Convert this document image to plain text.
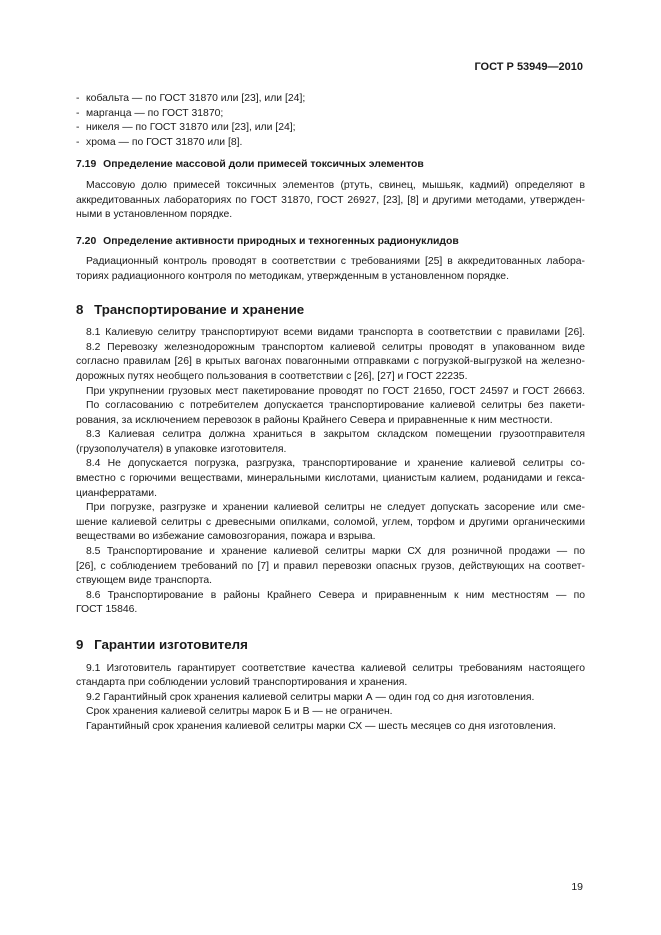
ГОСТ Р 53949—2010
- кобальта — по ГОСТ 31870 или [23], или [24];
- марганца — по ГОСТ 31870;
- никеля — по ГОСТ 31870 или [23], или [24];
- хрома — по ГОСТ 31870 или [8].
7.19 Определение массовой доли примесей токсичных элементов
Массовую долю примесей токсичных элементов (ртуть, свинец, мышьяк, кадмий) определяют в
аккредитованных лабораториях по ГОСТ 31870, ГОСТ 26927, [23], [8] и другими методами, утвержден-
ными в установленном порядке.
7.20 Определение активности природных и техногенных радионуклидов
Радиационный контроль проводят в соответствии с требованиями [25] в аккредитованных лабора-
ториях радиационного контроля по методикам, утвержденным в установленном порядке.
8 Транспортирование и хранение
8.1 Калиевую селитру транспортируют всеми видами транспорта в соответствии с правилами [26].
8.2 Перевозку железнодорожным транспортом калиевой селитры проводят в упакованном виде
согласно правилам [26] в крытых вагонах повагонными отправками с погрузкой-выгрузкой на железно-
дорожных путях необщего пользования в соответствии с [26], [27] и ГОСТ 22235.
При укрупнении грузовых мест пакетирование проводят по ГОСТ 21650, ГОСТ 24597 и ГОСТ 26663.
По согласованию с потребителем допускается транспортирование калиевой селитры без пакети-
рования, за исключением перевозок в районы Крайнего Севера и приравненные к ним местности.
8.3 Калиевая селитра должна храниться в закрытом складском помещении грузоотправителя
(грузополучателя) в упаковке изготовителя.
8.4 Не допускается погрузка, разгрузка, транспортирование и хранение калиевой селитры со-
вместно с горючими веществами, минеральными кислотами, цианистым калием, роданидами и гекса-
цианферратами.
При погрузке, разгрузке и хранении калиевой селитры не следует допускать засорение или сме-
шение калиевой селитры с древесными опилками, соломой, углем, торфом и другими органическими
веществами во избежание самовозгорания, пожара и взрыва.
8.5 Транспортирование и хранение калиевой селитры марки СХ для розничной продажи — по
[26], с соблюдением требований по [7] и правил перевозки опасных грузов, действующих на соответ-
ствующем виде транспорта.
8.6 Транспортирование в районы Крайнего Севера и приравненным к ним местностям — по
ГОСТ 15846.
9 Гарантии изготовителя
9.1 Изготовитель гарантирует соответствие качества калиевой селитры требованиям настоящего
стандарта при соблюдении условий транспортирования и хранения.
9.2 Гарантийный срок хранения калиевой селитры марки А — один год со дня изготовления.
Срок хранения калиевой селитры марок Б и В — не ограничен.
Гарантийный срок хранения калиевой селитры марки СХ — шесть месяцев со дня изготовления.
19
